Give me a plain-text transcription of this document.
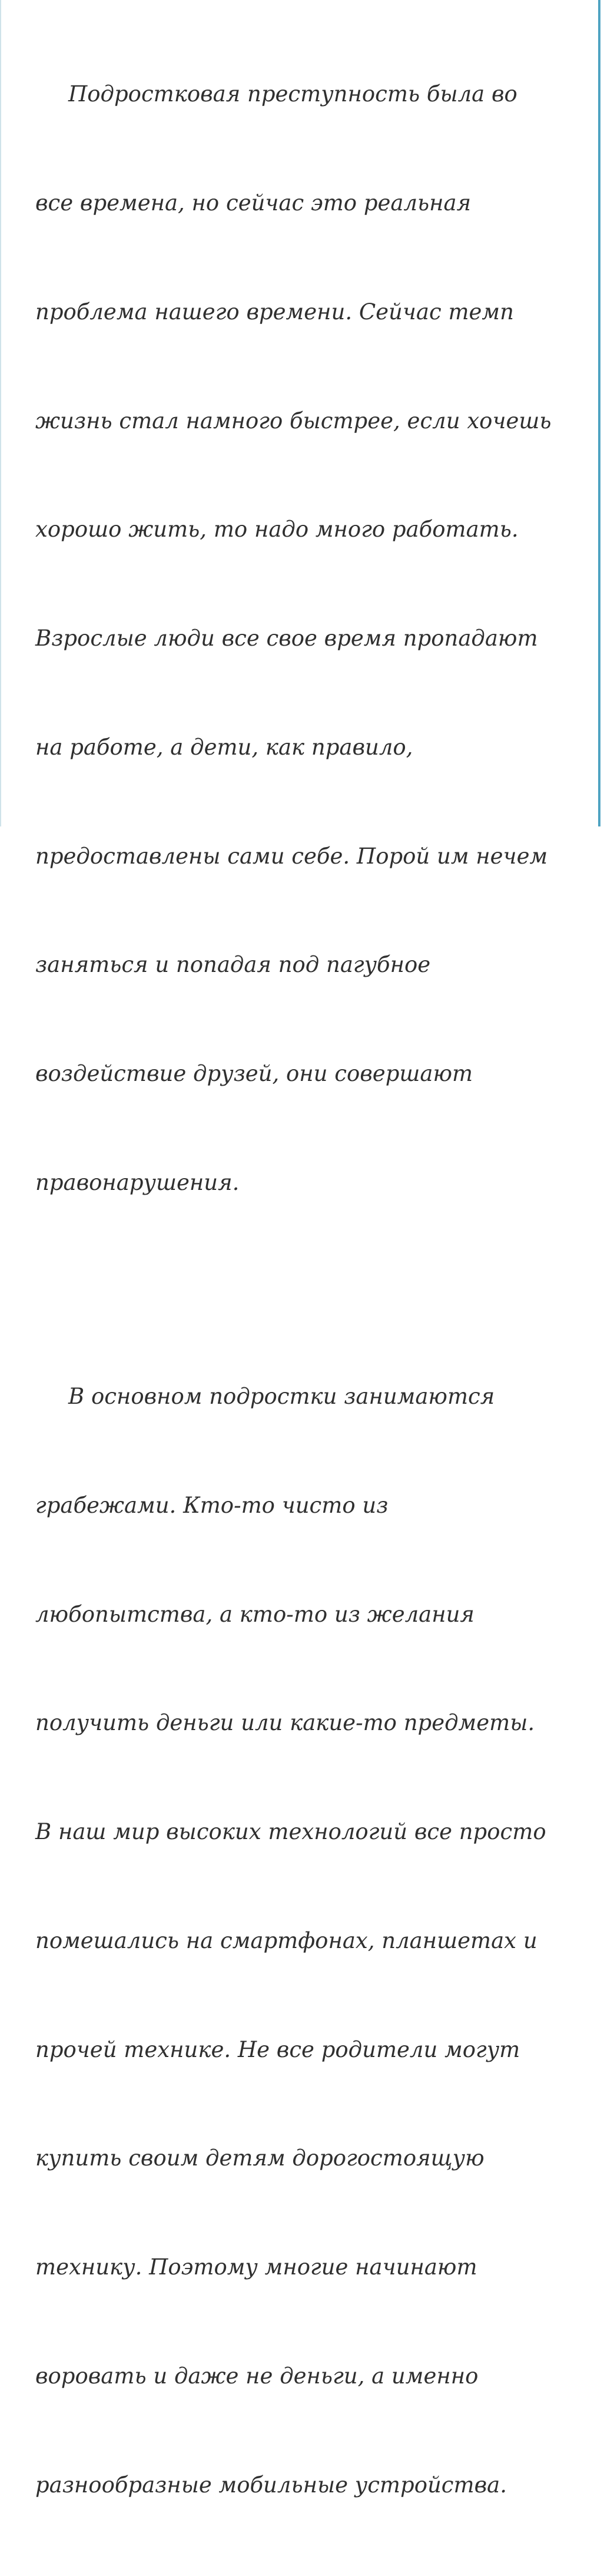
Подростковая преступность была во

все времена, но сейчас это реальная

проблема нашего времени. Сейчас темп

жизнь стал намного быстрее, если хочешь

хорошо жить, то надо много работать.

Взрослые люди все свое время пропадают

на работе, а дети, как правило,

предоставлены сами себе. Порой им нечем

заняться и попадая под пагубное

воздействие друзей, они совершают

правонарушения.

В основном подростки занимаются

грабежами. Кто-то чисто из

любопытства, а кто-то из желания

получить деньги или какие-то предметы.

В наш мир высоких технологий все просто

помешались на смартфонах, планшетах и

прочей технике. Не все родители могут

купить своим детям дорогостоящую

технику. Поэтому многие начинают

воровать и даже не деньги, а именно

разнообразные мобильные устройства.
